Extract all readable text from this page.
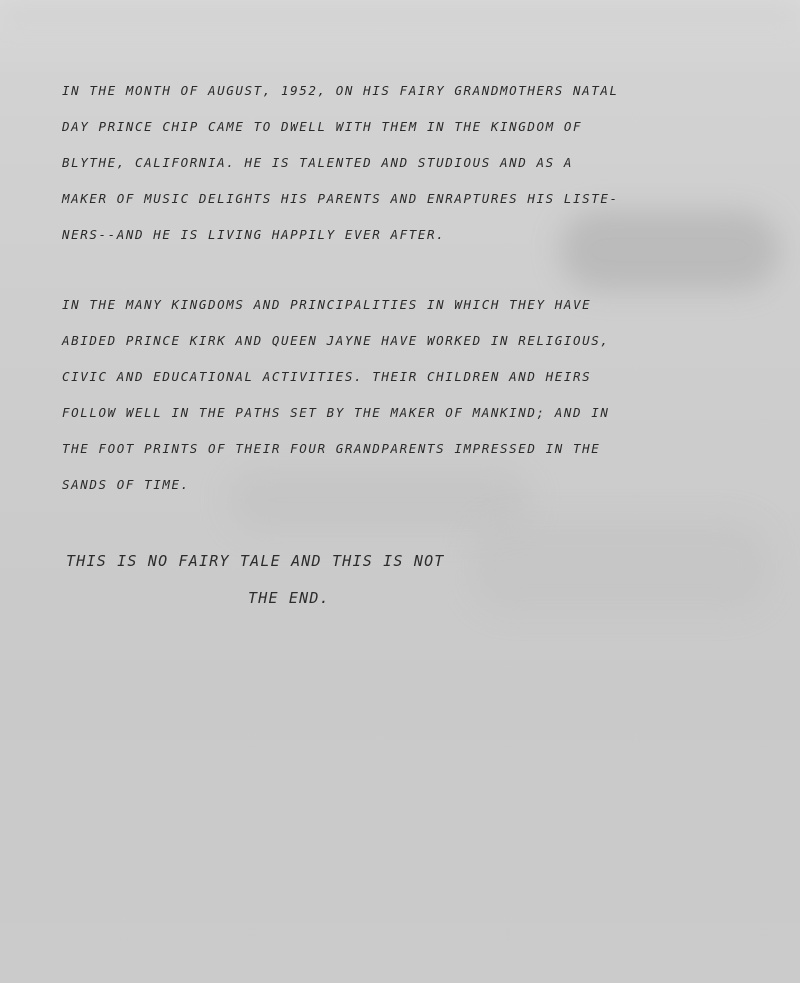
IN THE MONTH OF AUGUST, 1952, ON HIS FAIRY GRANDMOTHERS NATAL
DAY PRINCE CHIP CAME TO DWELL WITH THEM IN THE KINGDOM OF
BLYTHE, CALIFORNIA. HE IS TALENTED AND STUDIOUS AND AS A
MAKER OF MUSIC DELIGHTS HIS PARENTS AND ENRAPTURES HIS LISTE-
NERS--AND HE IS LIVING HAPPILY EVER AFTER.
IN THE MANY KINGDOMS AND PRINCIPALITIES IN WHICH THEY HAVE
ABIDED PRINCE KIRK AND QUEEN JAYNE HAVE WORKED IN RELIGIOUS,
CIVIC AND EDUCATIONAL ACTIVITIES. THEIR CHILDREN AND HEIRS
FOLLOW WELL IN THE PATHS SET BY THE MAKER OF MANKIND; AND IN
THE FOOT PRINTS OF THEIR FOUR GRANDPARENTS IMPRESSED IN THE
SANDS OF TIME.
THIS IS NO FAIRY TALE AND THIS IS NOT
THE END.
